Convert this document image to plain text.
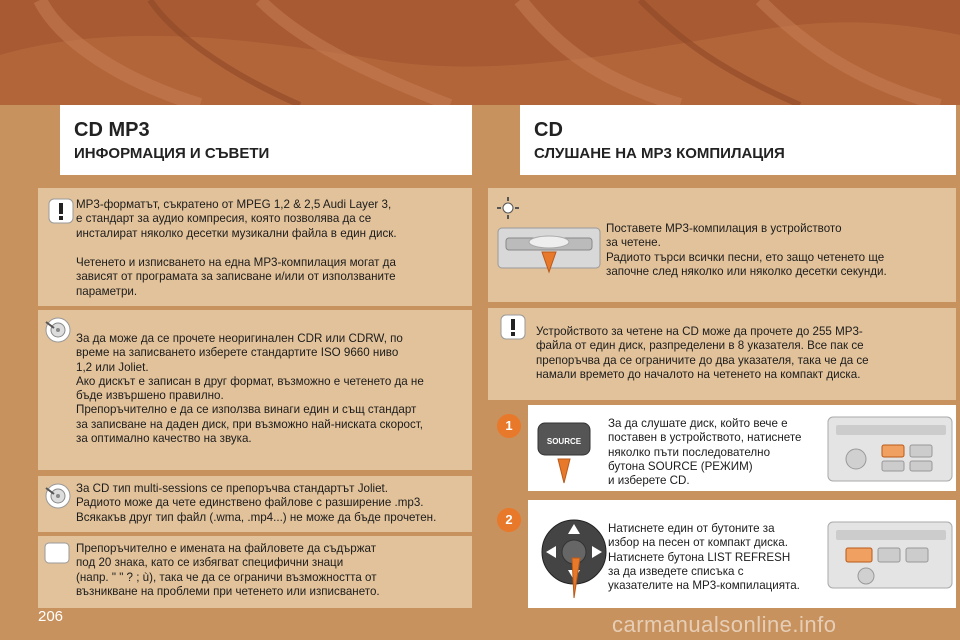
CD MP3
ИНФОРМАЦИЯ И СЪВЕТИ
CD
СЛУШАНЕ НА MP3 КОМПИЛАЦИЯ
MP3-форматът, съкратено от MPEG 1,2 & 2,5 Audi Layer 3,
е стандарт за аудио компресия, която позволява да се
инсталират няколко десетки музикални файла в един диск.
Четенето и изписването на една MP3-компилация могат да
зависят от програмата за записване и/или от използваните
параметри.
За да може да се прочете неоригинален CDR или CDRW, по
време на записването изберете стандартите ISO 9660 ниво
1,2 или Joliet.
Ако дискът е записан в друг формат, възможно е четенето да не
бъде извършено правилно.
Препоръчително е да се използва винаги един и същ стандарт
за записване на даден диск, при възможно най-ниската скорост,
за оптимално качество на звука.
За CD тип multi-sessions се препоръчва стандартът Joliet.
Радиото може да чете единствено файлове с разширение .mp3.
Всякакъв друг тип файл (.wma, .mp4...) не може да бъде прочетен.
Препоръчително е имената на файловете да съдържат
под 20 знака, като се избягват специфични знаци
(напр. " " ? ; ù), така че да се ограничи възможността от
възникване на проблеми при четенето или изписването.
Поставете MP3-компилация в устройството
за четене.
Радиото търси всички песни, ето защо четенето ще
започне след няколко или няколко десетки секунди.
Устройството за четене на CD може да прочете до 255 MP3-
файла от един диск, разпределени в 8 указателя. Все пак се
препоръчва да се ограничите до два указателя, така че да се
намали времето до началото на четенето на компакт диска.
1
SOURCE
За да слушате диск, който вече е
поставен в устройството, натиснете
няколко пъти последователно
бутона SOURCE (РЕЖИМ)
и изберете CD.
2
Натиснете един от бутоните за
избор на песен от компакт диска.
Натиснете бутона LIST REFRESH
за да изведете списъка с
указателите на MP3-компилацията.
206	carmanualsonline.info
